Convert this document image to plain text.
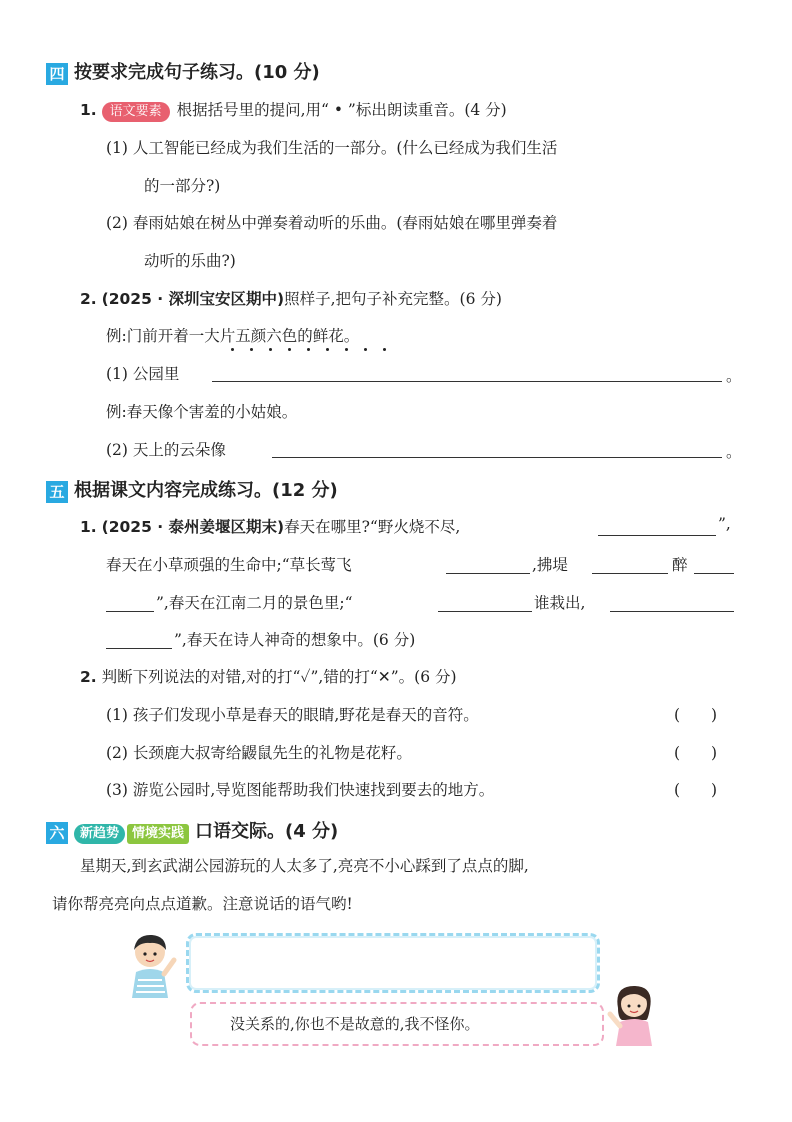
四 按要求完成句子练习。(10 分)
1. 语文要素 根据括号里的提问,用“ • ”标出朗读重音。(4 分)
(1) 人工智能已经成为我们生活的一部分。(什么已经成为我们生活
的一部分?)
(2) 春雨姑娘在树丛中弹奏着动听的乐曲。(春雨姑娘在哪里弹奏着
动听的乐曲?)
2. (2025 · 深圳宝安区期中)照样子,把句子补充完整。(6 分)
例:门前开着一大片五颜六色的鲜花。
(1) 公园里	。
例:春天像个害羞的小姑娘。
(2) 天上的云朵像	。
五 根据课文内容完成练习。(12 分)
1. (2025 · 泰州姜堰区期末)春天在哪里?“野火烧不尽,	”,
春天在小草顽强的生命中;“草长莺飞	,拂堤	醉
”,春天在江南二月的景色里;“	谁栽出,
”,春天在诗人神奇的想象中。(6 分)
2. 判断下列说法的对错,对的打“✓”,错的打“✕”。(6 分)
(1) 孩子们发现小草是春天的眼睛,野花是春天的音符。	(　　)
(2) 长颈鹿大叔寄给鼹鼠先生的礼物是花籽。	(　　)
(3) 游览公园时,导览图能帮助我们快速找到要去的地方。	(　　)
六 新趋势 情境实践 口语交际。(4 分)
星期天,到玄武湖公园游玩的人太多了,亮亮不小心踩到了点点的脚,
请你帮亮亮向点点道歉。注意说话的语气哟!
没关系的,你也不是故意的,我不怪你。
